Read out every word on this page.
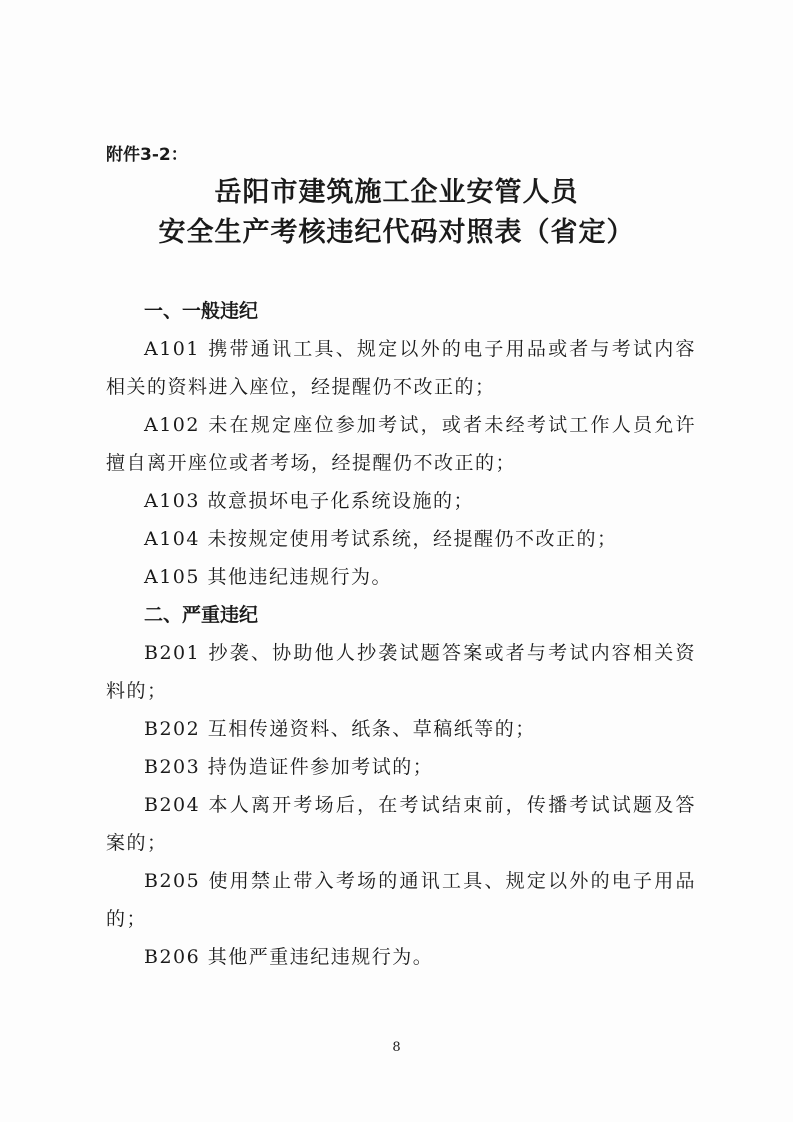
附件3-2：
岳阳市建筑施工企业安管人员
安全生产考核违纪代码对照表（省定）
一、一般违纪
A101 携带通讯工具、规定以外的电子用品或者与考试内容相关的资料进入座位，经提醒仍不改正的；
A102 未在规定座位参加考试，或者未经考试工作人员允许擅自离开座位或者考场，经提醒仍不改正的；
A103 故意损坏电子化系统设施的；
A104 未按规定使用考试系统，经提醒仍不改正的；
A105 其他违纪违规行为。
二、严重违纪
B201 抄袭、协助他人抄袭试题答案或者与考试内容相关资料的；
B202 互相传递资料、纸条、草稿纸等的；
B203 持伪造证件参加考试的；
B204 本人离开考场后，在考试结束前，传播考试试题及答案的；
B205 使用禁止带入考场的通讯工具、规定以外的电子用品的；
B206 其他严重违纪违规行为。
8
